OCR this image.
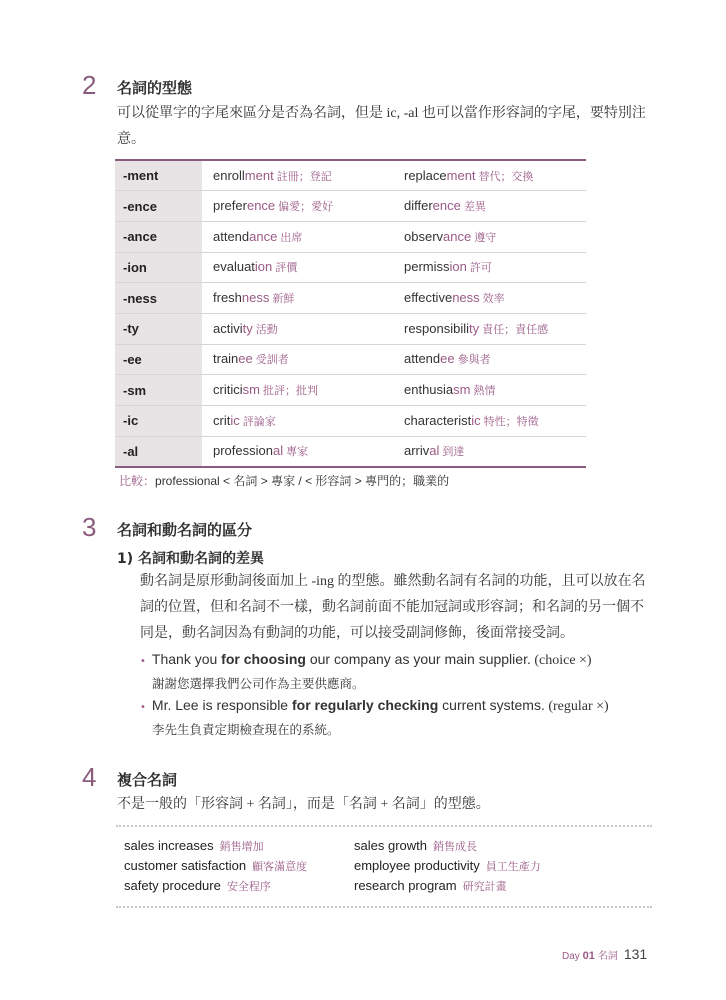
2 名詞的型態
可以從單字的字尾來區分是否為名詞，但是 ic, -al 也可以當作形容詞的字尾，要特別注
意。
-ment	enrollment 註冊；登記	replacement 替代；交換
-ence	preference 偏愛；愛好	difference 差異
-ance	attendance 出席	observance 遵守
-ion	evaluation 評價	permission 許可
-ness	freshness 新鮮	effectiveness 效率
-ty	activity 活動	responsibility 責任；責任感
-ee	trainee 受訓者	attendee 參與者
-sm	criticism 批評；批判	enthusiasm 熱情
-ic	critic 評論家	characteristic 特性；特徵
-al	professional 專家	arrival 到達
比較：professional < 名詞 > 專家 / < 形容詞 > 專門的；職業的
3 名詞和動名詞的區分
1) 名詞和動名詞的差異
動名詞是原形動詞後面加上 -ing 的型態。雖然動名詞有名詞的功能，且可以放在名
詞的位置，但和名詞不一樣，動名詞前面不能加冠詞或形容詞；和名詞的另一個不
同是，動名詞因為有動詞的功能，可以接受副詞修飾，後面常接受詞。
• Thank you for choosing our company as your main supplier. (choice ×)
謝謝您選擇我們公司作為主要供應商。
• Mr. Lee is responsible for regularly checking current systems. (regular ×)
李先生負責定期檢查現在的系統。
4 複合名詞
不是一般的「形容詞 + 名詞」，而是「名詞 + 名詞」的型態。
sales increases 銷售增加	sales growth 銷售成長
customer satisfaction 顧客滿意度	employee productivity 員工生產力
safety procedure 安全程序	research program 研究計畫
Day 01 名詞 131
